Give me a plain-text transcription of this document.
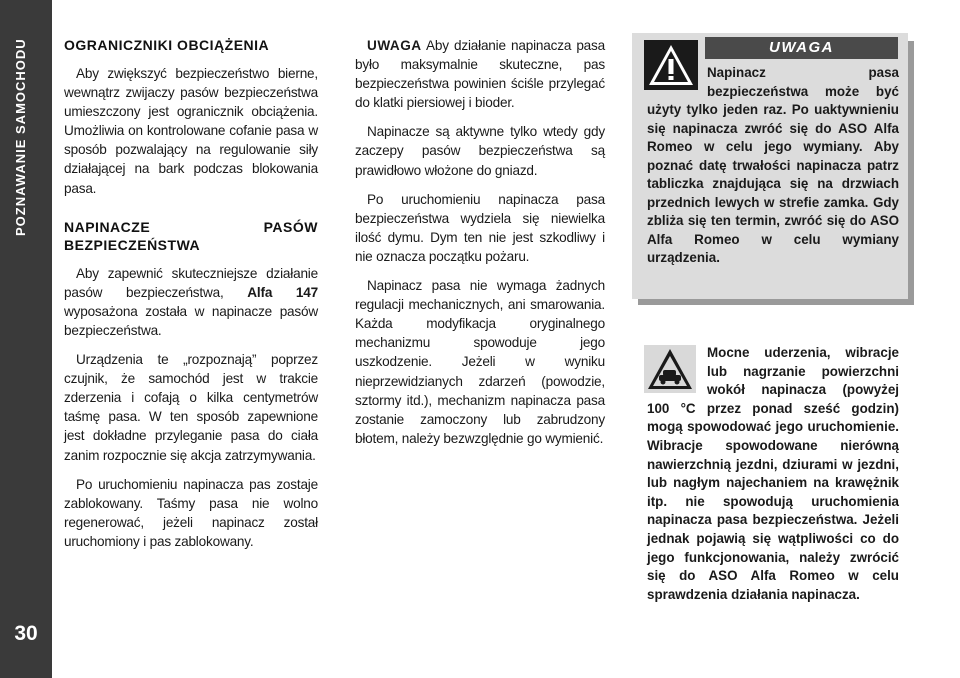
POZNAWANIE SAMOCHODU
30
OGRANICZNIKI OBCIĄŻENIA

Aby zwiększyć bezpieczeństwo bierne, wewnątrz zwijaczy pasów bezpieczeństwa umieszczony jest ogranicznik obciążenia. Umożliwia on kontrolowane cofanie pasa w sposób pozwalający na regulowanie siły działającej na bark podczas blokowania pasa.

NAPINACZE PASÓW BEZPIECZEŃSTWA

Aby zapewnić skuteczniejsze działanie pasów bezpieczeństwa, Alfa 147 wyposażona została w napinacze pasów bezpieczeństwa.

Urządzenia te „rozpoznają” poprzez czujnik, że samochód jest w trakcie zderzenia i cofają o kilka centymetrów taśmę pasa. W ten sposób zapewnione jest dokładne przyleganie pasa do ciała zanim rozpocznie się akcja zatrzymywania.

Po uruchomieniu napinacza pas zostaje zablokowany. Taśmy pasa nie wolno regenerować, jeżeli napinacz został uruchomiony i pas zablokowany.

UWAGA Aby działanie napinacza pasa było maksymalnie skuteczne, pas bezpieczeństwa powinien ściśle przylegać do klatki piersiowej i bioder.

Napinacze są aktywne tylko wtedy gdy zaczepy pasów bezpieczeństwa są prawidłowo włożone do gniazd.

Po uruchomieniu napinacza pasa bezpieczeństwa wydziela się niewielka ilość dymu. Dym ten nie jest szkodliwy i nie oznacza początku pożaru.

Napinacz pasa nie wymaga żadnych regulacji mechanicznych, ani smarowania. Każda modyfikacja oryginalnego mechanizmu spowoduje jego uszkodzenie. Jeżeli w wyniku nieprzewidzianych zdarzeń (powodzie, sztormy itd.), mechanizm napinacza pasa zostanie zamoczony lub zabrudzony błotem, należy bezwzględnie go wymienić.

UWAGA
Napinacz pasa bezpieczeństwa może być użyty tylko jeden raz. Po uaktywnieniu się napinacza zwróć się do ASO Alfa Romeo w celu jego wymiany. Aby poznać datę trwałości napinacza patrz tabliczka znajdująca się na drzwiach przednich lewych w strefie zamka. Gdy zbliża się ten termin, zwróć się do ASO Alfa Romeo w celu wymiany urządzenia.
Mocne uderzenia, wibracje lub nagrzanie powierzchni wokół napinacza (powyżej 100 °C przez ponad sześć godzin) mogą spowodować jego uruchomienie. Wibracje spowodowane nierówną nawierzchnią jezdni, dziurami w jezdni, lub nagłym najechaniem na krawężnik itp. nie spowodują uruchomienia napinacza pasa bezpieczeństwa. Jeżeli jednak pojawią się wątpliwości co do jego funkcjonowania, należy zwrócić się do ASO Alfa Romeo w celu sprawdzenia działania napinacza.
